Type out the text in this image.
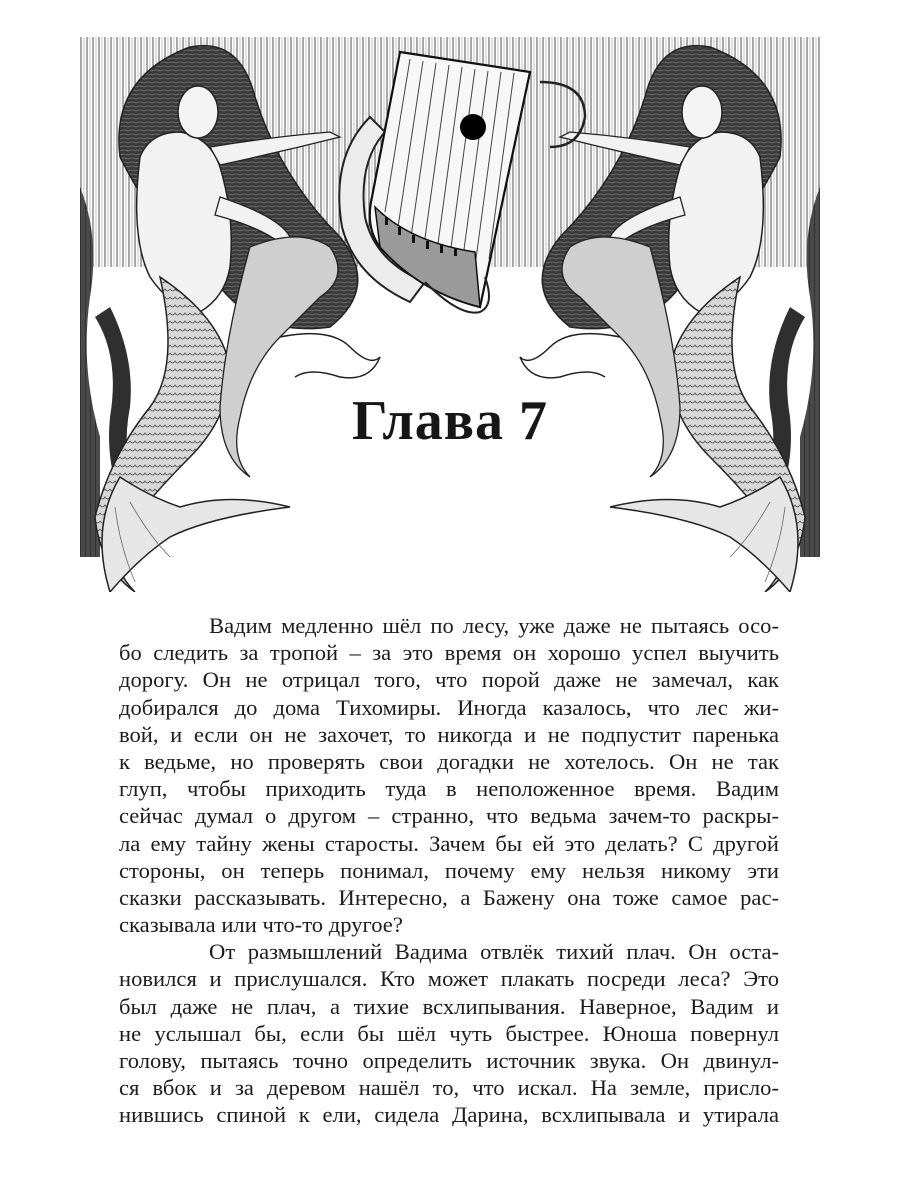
Глава 7
Вадим медленно шёл по лесу, уже даже не пытаясь осо-
бо следить за тропой – за это время он хорошо успел выучить
дорогу. Он не отрицал того, что порой даже не замечал, как
добирался до дома Тихомиры. Иногда казалось, что лес жи-
вой, и если он не захочет, то никогда и не подпустит паренька
к ведьме, но проверять свои догадки не хотелось. Он не так
глуп, чтобы приходить туда в неположенное время. Вадим
сейчас думал о другом – странно, что ведьма зачем-то раскры-
ла ему тайну жены старосты. Зачем бы ей это делать? С другой
стороны, он теперь понимал, почему ему нельзя никому эти
сказки рассказывать. Интересно, а Бажену она тоже самое рас-
сказывала или что-то другое?
От размышлений Вадима отвлёк тихий плач. Он оста-
новился и прислушался. Кто может плакать посреди леса? Это
был даже не плач, а тихие всхлипывания. Наверное, Вадим и
не услышал бы, если бы шёл чуть быстрее. Юноша повернул
голову, пытаясь точно определить источник звука. Он двинул-
ся вбок и за деревом нашёл то, что искал. На земле, присло-
нившись спиной к ели, сидела Дарина, всхлипывала и утирала
